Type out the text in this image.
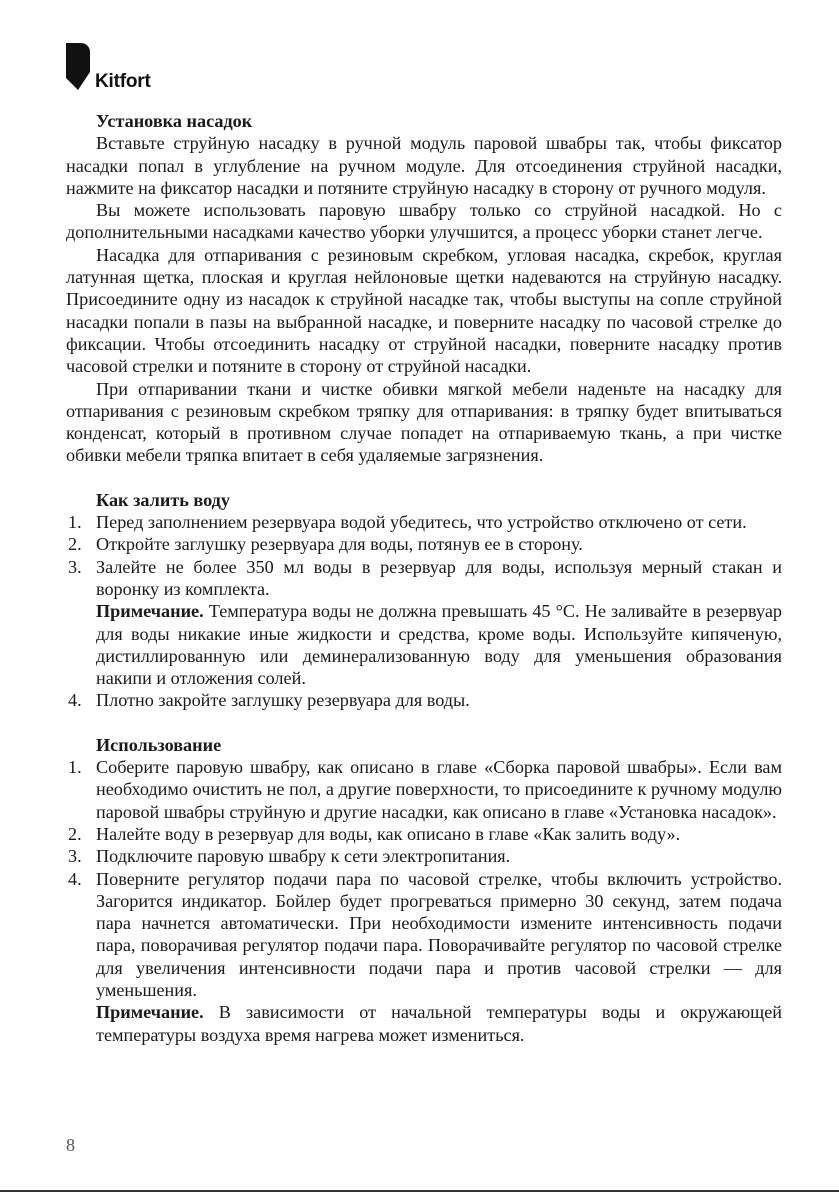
Kitfort

Установка насадок

Вставьте струйную насадку в ручной модуль паровой швабры так, чтобы фиксатор насадки попал в углубление на ручном модуле. Для отсоединения струйной насадки, нажмите на фиксатор насадки и потяните струйную насадку в сторону от ручного модуля.

Вы можете использовать паровую швабру только со струйной насадкой. Но с дополнительными насадками качество уборки улучшится, а процесс уборки станет легче.

Насадка для отпаривания с резиновым скребком, угловая насадка, скребок, круглая латунная щетка, плоская и круглая нейлоновые щетки надеваются на струйную насадку. Присоедините одну из насадок к струйной насадке так, чтобы выступы на сопле струйной насадки попали в пазы на выбранной насадке, и поверните насадку по часовой стрелке до фиксации. Чтобы отсоединить насадку от струйной насадки, поверните насадку против часовой стрелки и потяните в сторону от струйной насадки.

При отпаривании ткани и чистке обивки мягкой мебели наденьте на насадку для отпаривания с резиновым скребком тряпку для отпаривания: в тряпку будет впитываться конденсат, который в противном случае попадет на отпариваемую ткань, а при чистке обивки мебели тряпка впитает в себя удаляемые загрязнения.

Как залить воду

1. Перед заполнением резервуара водой убедитесь, что устройство отключено от сети.
2. Откройте заглушку резервуара для воды, потянув ее в сторону.
3. Залейте не более 350 мл воды в резервуар для воды, используя мерный стакан и воронку из комплекта.

Примечание. Температура воды не должна превышать 45 °C. Не заливайте в резервуар для воды никакие иные жидкости и средства, кроме воды. Используйте кипяченую, дистиллированную или деминерализованную воду для уменьшения образования накипи и отложения солей.

4. Плотно закройте заглушку резервуара для воды.

Использование

1. Соберите паровую швабру, как описано в главе «Сборка паровой швабры». Если вам необходимо очистить не пол, а другие поверхности, то присоедините к ручному модулю паровой швабры струйную и другие насадки, как описано в главе «Установка насадок».
2. Налейте воду в резервуар для воды, как описано в главе «Как залить воду».
3. Подключите паровую швабру к сети электропитания.
4. Поверните регулятор подачи пара по часовой стрелке, чтобы включить устройство. Загорится индикатор. Бойлер будет прогреваться примерно 30 секунд, затем подача пара начнется автоматически. При необходимости измените интенсивность подачи пара, поворачивая регулятор подачи пара. Поворачивайте регулятор по часовой стрелке для увеличения интенсивности подачи пара и против часовой стрелки — для уменьшения.

Примечание. В зависимости от начальной температуры воды и окружающей температуры воздуха время нагрева может измениться.

8
